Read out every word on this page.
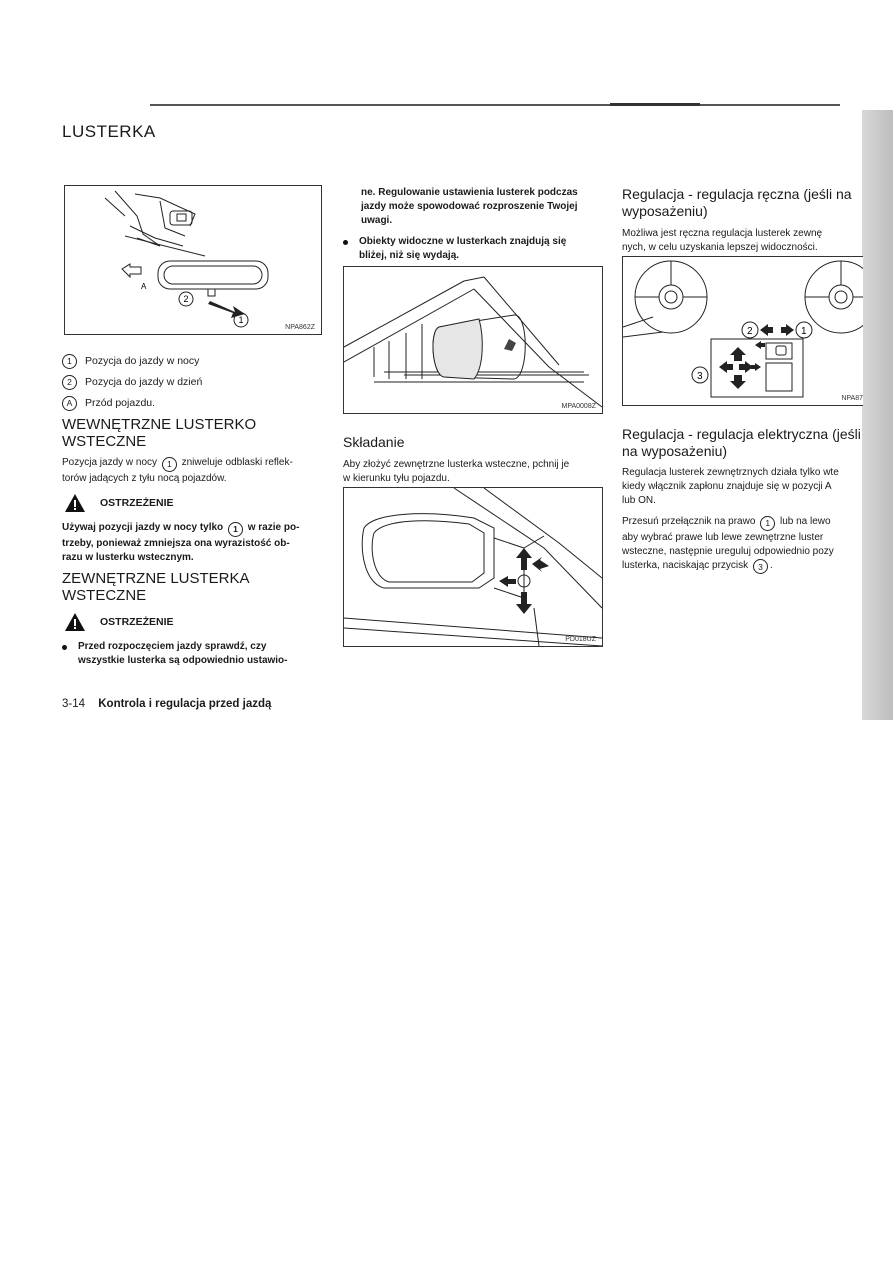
LUSTERKA
A
2
1
NPA862Z
1	Pozycja do jazdy w nocy
2	Pozycja do jazdy w dzień
A	Przód pojazdu.
WEWNĘTRZNE LUSTERKO
WSTECZNE
Pozycja jazdy w nocy 1 zniweluje odblaski reflek-
torów jadących z tyłu nocą pojazdów.
OSTRZEŻENIE
Używaj pozycji jazdy w nocy tylko 1 w razie po-
trzeby, ponieważ zmniejsza ona wyrazistość ob-
razu w lusterku wstecznym.
ZEWNĘTRZNE LUSTERKA
WSTECZNE
OSTRZEŻENIE
Przed rozpoczęciem jazdy sprawdź, czy
wszystkie lusterka są odpowiednio ustawio-
ne. Regulowanie ustawienia lusterek podczas
jazdy może spowodować rozproszenie Twojej
uwagi.
Obiekty widoczne w lusterkach znajdują się
bliżej, niż się wydają.
MPA0008Z
Składanie
Aby złożyć zewnętrzne lusterka wsteczne, pchnij je
w kierunku tyłu pojazdu.
PD018UZ
Regulacja - regulacja ręczna (jeśli na
wyposażeniu)
Możliwa jest ręczna regulacja lusterek zewnę
nych, w celu uzyskania lepszej widoczności.
2	1
3
NPA87
Regulacja - regulacja elektryczna (jeśli
na wyposażeniu)
Regulacja lusterek zewnętrznych działa tylko wte
kiedy włącznik zapłonu znajduje się w pozycji A
lub ON.
Przesuń przełącznik na prawo 1 lub na lewo
aby wybrać prawe lub lewe zewnętrzne luster
wsteczne, następnie ureguluj odpowiednio pozy
lusterka, naciskając przycisk 3 .
3-14 Kontrola i regulacja przed jazdą
